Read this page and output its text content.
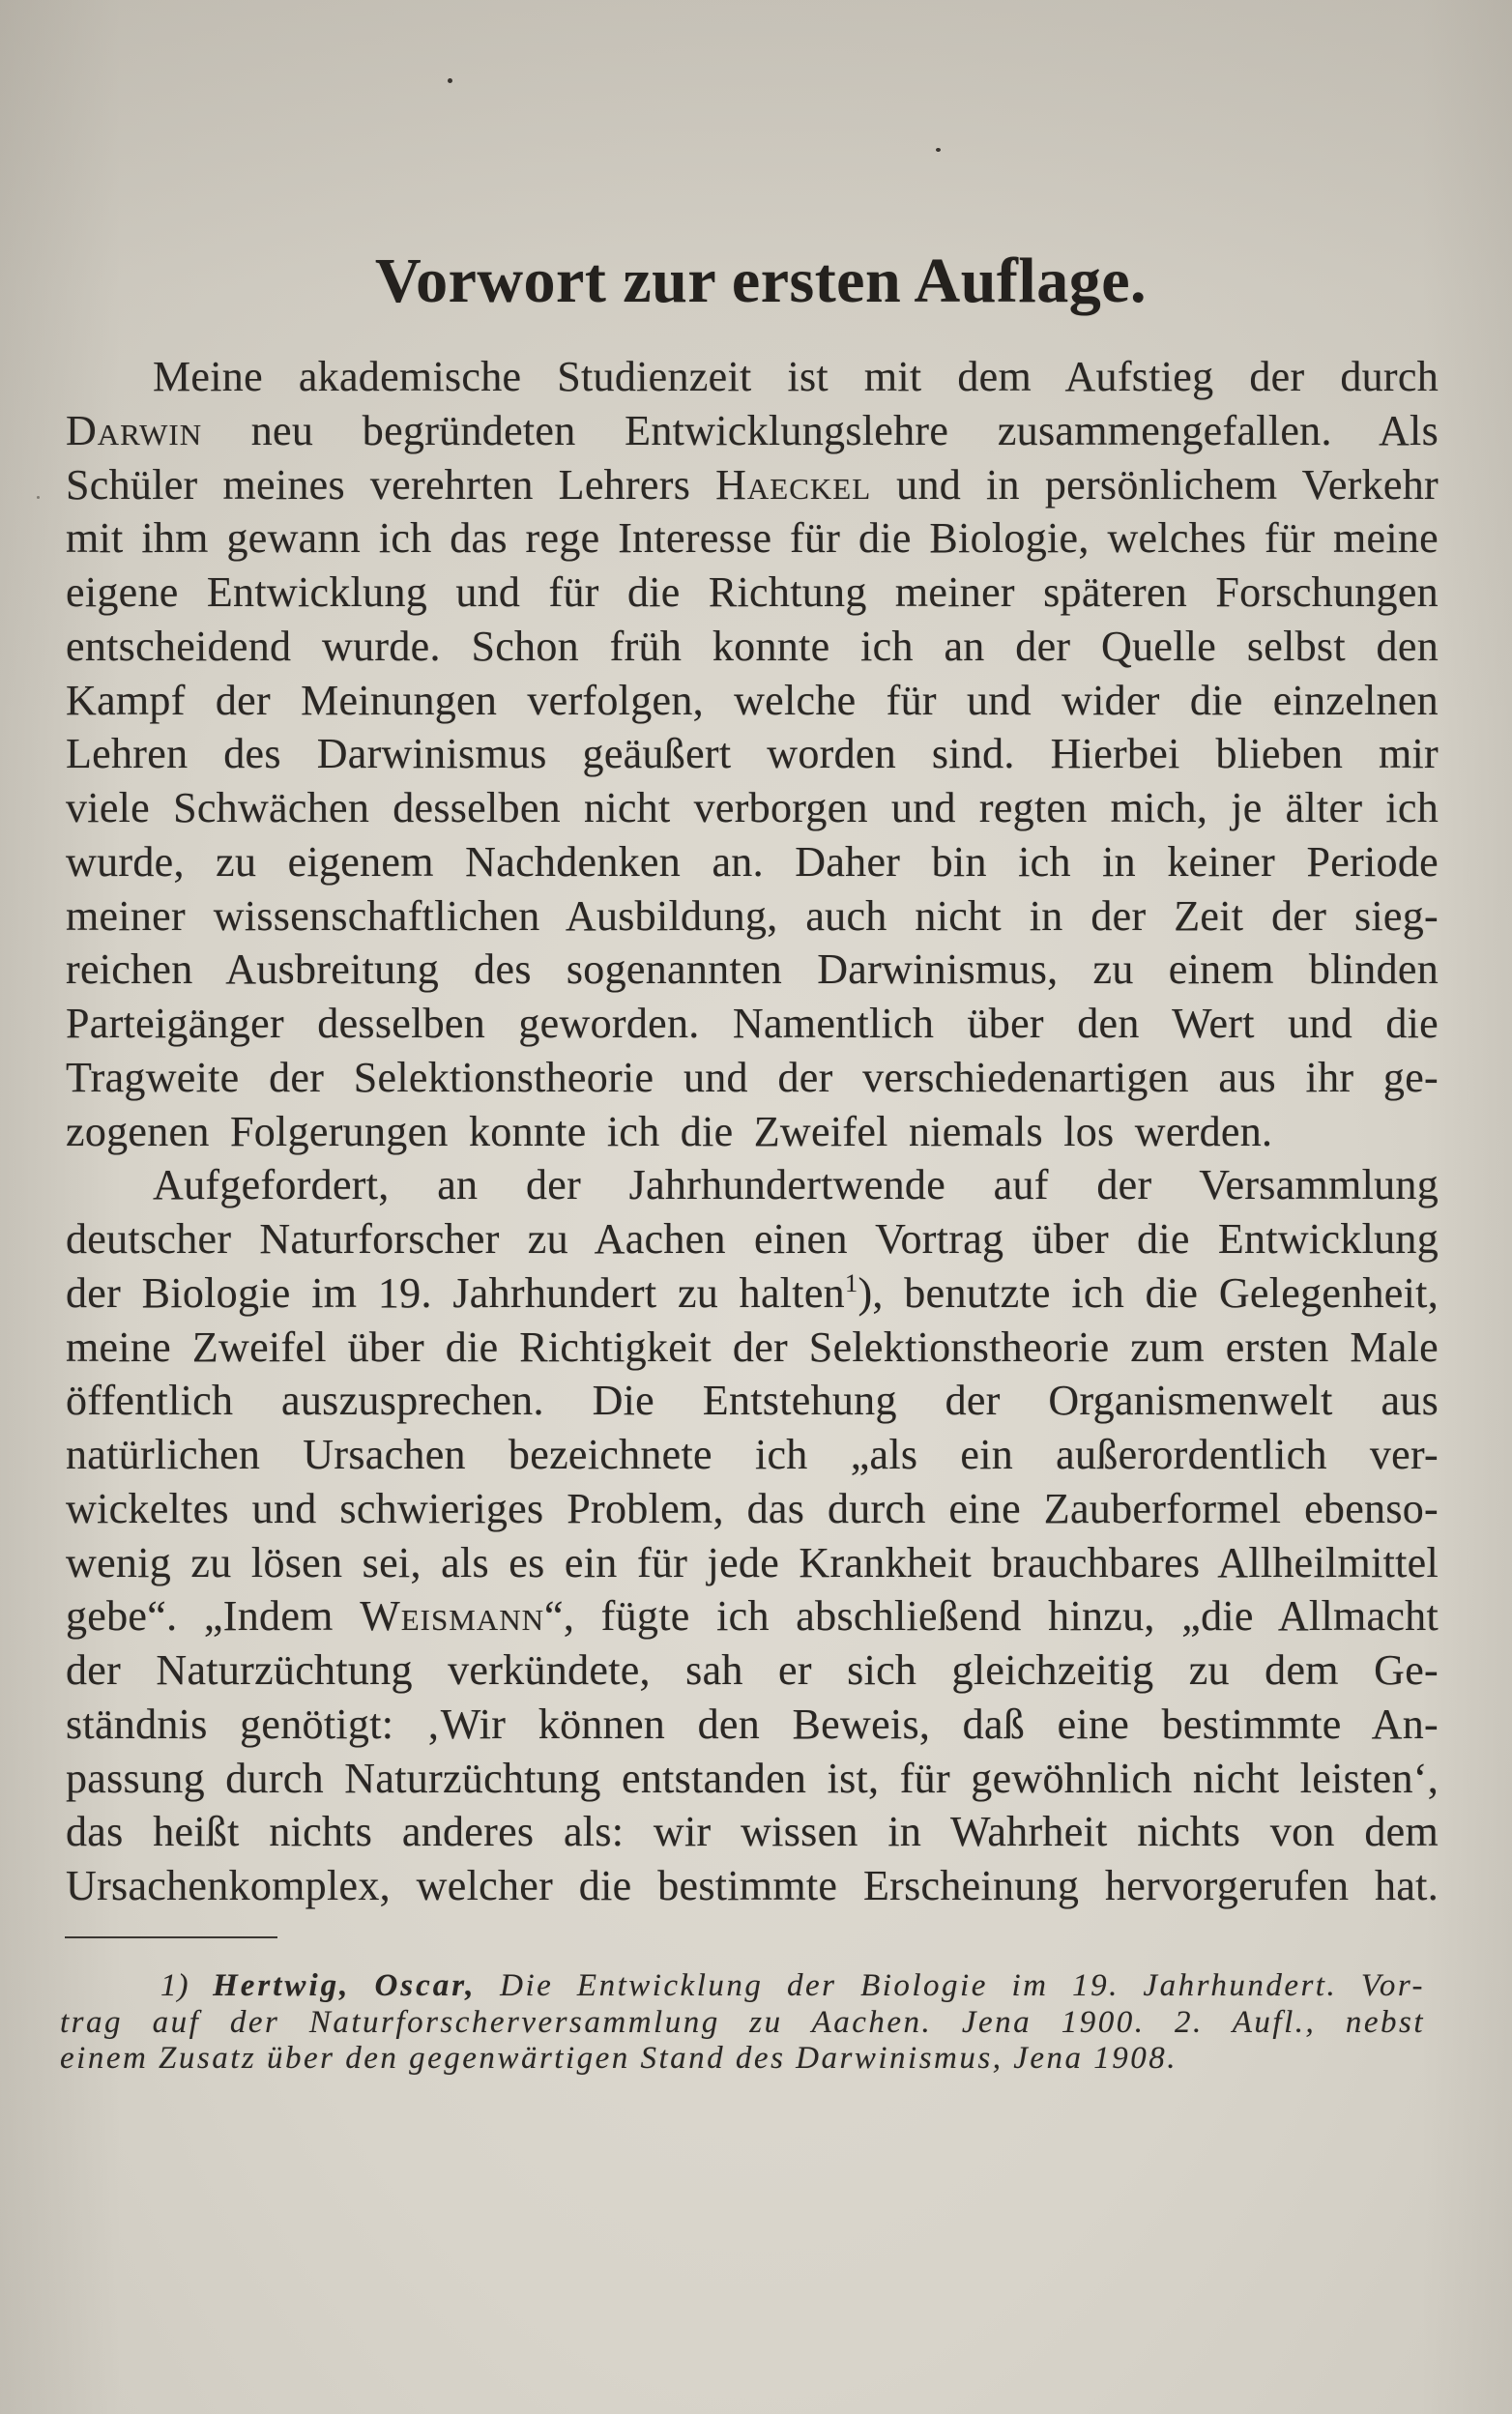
Vorwort zur ersten Auflage.
Meine akademische Studienzeit ist mit dem Aufstieg der durch
Darwin neu begründeten Entwicklungslehre zusammengefallen. Als
Schüler meines verehrten Lehrers Haeckel und in persönlichem Verkehr
mit ihm gewann ich das rege Interesse für die Biologie, welches für meine
eigene Entwicklung und für die Richtung meiner späteren Forschungen
entscheidend wurde. Schon früh konnte ich an der Quelle selbst den
Kampf der Meinungen verfolgen, welche für und wider die einzelnen
Lehren des Darwinismus geäußert worden sind. Hierbei blieben mir
viele Schwächen desselben nicht verborgen und regten mich, je älter ich
wurde, zu eigenem Nachdenken an. Daher bin ich in keiner Periode
meiner wissenschaftlichen Ausbildung, auch nicht in der Zeit der sieg-
reichen Ausbreitung des sogenannten Darwinismus, zu einem blinden
Parteigänger desselben geworden. Namentlich über den Wert und die
Tragweite der Selektionstheorie und der verschiedenartigen aus ihr ge-
zogenen Folgerungen konnte ich die Zweifel niemals los werden.
Aufgefordert, an der Jahrhundertwende auf der Versammlung
deutscher Naturforscher zu Aachen einen Vortrag über die Entwicklung
der Biologie im 19. Jahrhundert zu halten$^1$), benutzte ich die Gelegenheit,
meine Zweifel über die Richtigkeit der Selektionstheorie zum ersten Male
öffentlich auszusprechen. Die Entstehung der Organismenwelt aus
natürlichen Ursachen bezeichnete ich „als ein außerordentlich ver-
wickeltes und schwieriges Problem, das durch eine Zauberformel ebenso-
wenig zu lösen sei, als es ein für jede Krankheit brauchbares Allheilmittel
gebe“. „Indem Weismann“, fügte ich abschließend hinzu, „die Allmacht
der Naturzüchtung verkündete, sah er sich gleichzeitig zu dem Ge-
ständnis genötigt: ‚Wir können den Beweis, daß eine bestimmte An-
passung durch Naturzüchtung entstanden ist, für gewöhnlich nicht leisten‘,
das heißt nichts anderes als: wir wissen in Wahrheit nichts von dem
Ursachenkomplex, welcher die bestimmte Erscheinung hervorgerufen hat.
1) Hertwig, Oscar, Die Entwicklung der Biologie im 19. Jahrhundert. Vor-
trag auf der Naturforscherversammlung zu Aachen. Jena 1900. 2. Aufl., nebst
einem Zusatz über den gegenwärtigen Stand des Darwinismus, Jena 1908.
